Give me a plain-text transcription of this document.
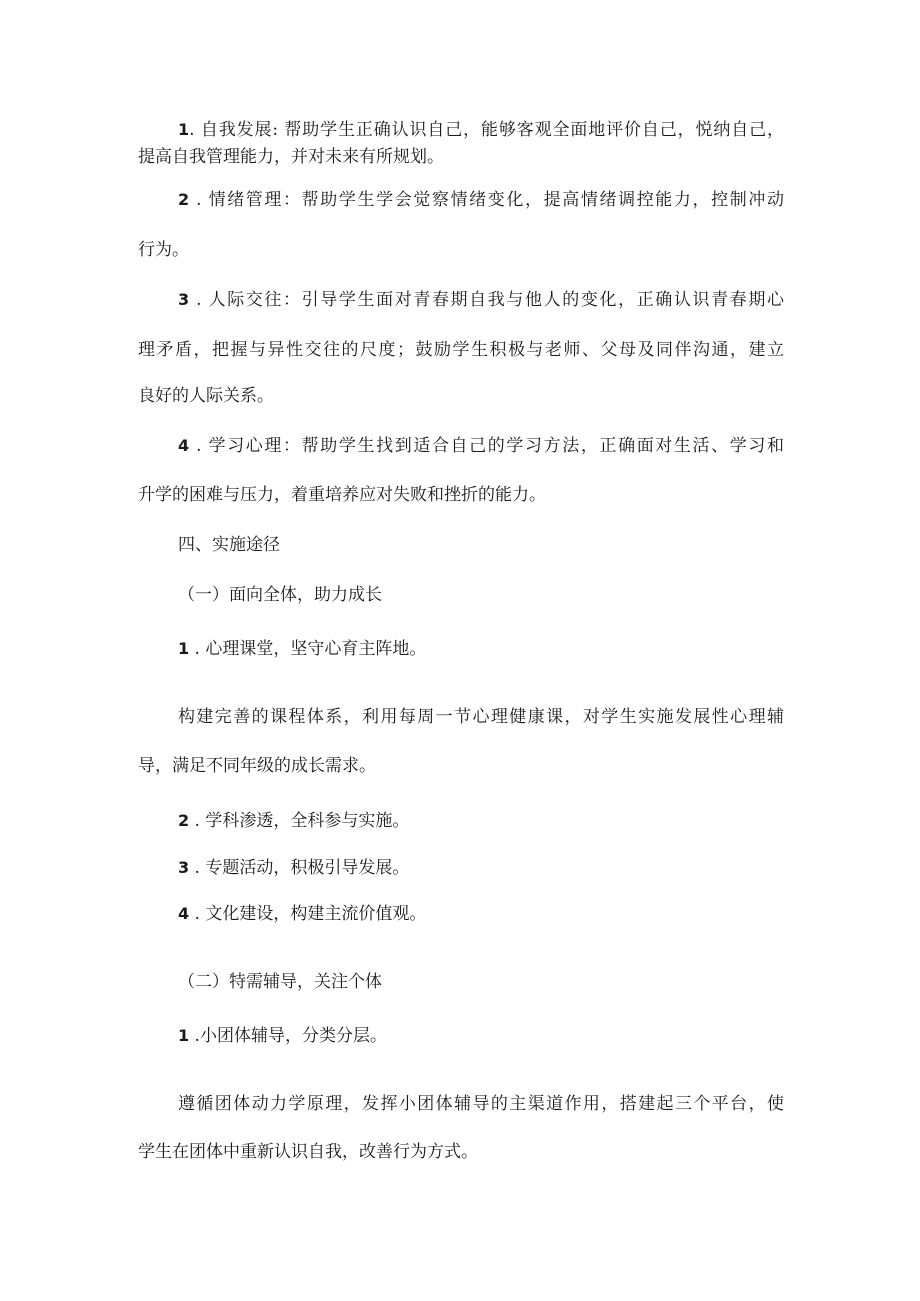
1. 自我发展: 帮助学生正确认识自己，能够客观全面地评价自己，悦纳自己，

提高自我管理能力，并对未来有所规划。

2 . 情绪管理：帮助学生学会觉察情绪变化，提高情绪调控能力，控制冲动

行为。

3 . 人际交往：引导学生面对青春期自我与他人的变化，正确认识青春期心

理矛盾，把握与异性交往的尺度；鼓励学生积极与老师、父母及同伴沟通，建立

良好的人际关系。

4 . 学习心理：帮助学生找到适合自己的学习方法，正确面对生活、学习和

升学的困难与压力，着重培养应对失败和挫折的能力。

四、实施途径

（一）面向全体，助力成长

1 . 心理课堂，坚守心育主阵地。

构建完善的课程体系，利用每周一节心理健康课，对学生实施发展性心理辅

导，满足不同年级的成长需求。

2 . 学科渗透，全科参与实施。

3 . 专题活动，积极引导发展。

4 . 文化建设，构建主流价值观。

（二）特需辅导，关注个体

1 .小团体辅导，分类分层。

遵循团体动力学原理，发挥小团体辅导的主渠道作用，搭建起三个平台，使

学生在团体中重新认识自我，改善行为方式。
